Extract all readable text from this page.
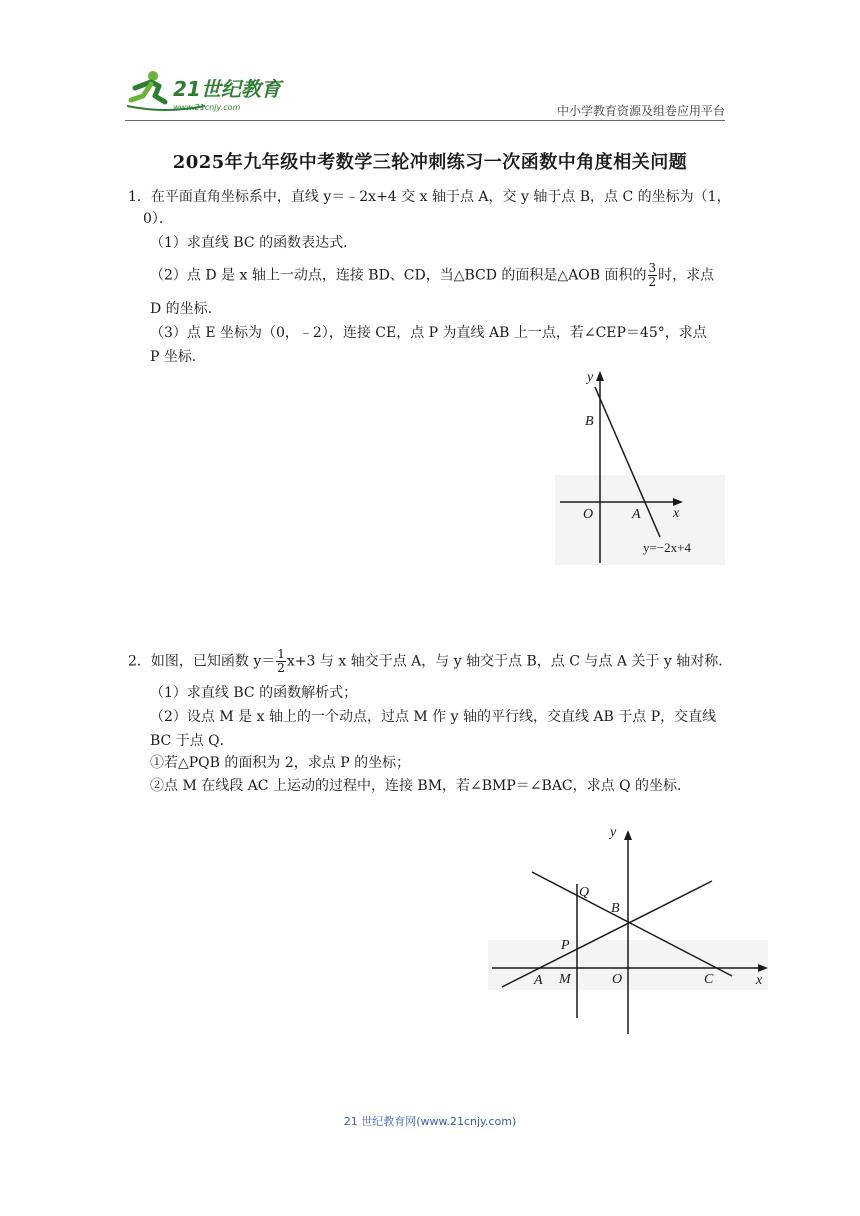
21世纪教育
www.21cnjy.com	中小学教育资源及组卷应用平台
2025年九年级中考数学三轮冲刺练习一次函数中角度相关问题
1．在平面直角坐标系中，直线 y＝﹣2x+4 交 x 轴于点 A，交 y 轴于点 B，点 C 的坐标为（1，
0）．
（1）求直线 BC 的函数表达式．
（2）点 D 是 x 轴上一动点，连接 BD、CD，当△BCD 的面积是△AOB 面积的 $\frac{3}{2}$ 时，求点
D 的坐标．
（3）点 E 坐标为（0，﹣2），连接 CE，点 P 为直线 AB 上一点，若∠CEP＝45°，求点
P 坐标．
y
B
O	A x
y=−2x+4
2．如图，已知函数 $y= \frac{1}{2} x+3$ 与 x 轴交于点 A，与 y 轴交于点 B，点 C 与点 A 关于 y 轴对称．
（1）求直线 BC 的函数解析式；
（2）设点 M 是 x 轴上的一个动点，过点 M 作 y 轴的平行线，交直线 AB 于点 P，交直线
BC 于点 Q．
①若△PQB 的面积为 2，求点 P 的坐标；
②点 M 在线段 AC 上运动的过程中，连接 BM，若∠BMP＝∠BAC，求点 Q 的坐标．
y
Q
B
P
A M	O	C	x
21 世纪教育网(www.21cnjy.com)
